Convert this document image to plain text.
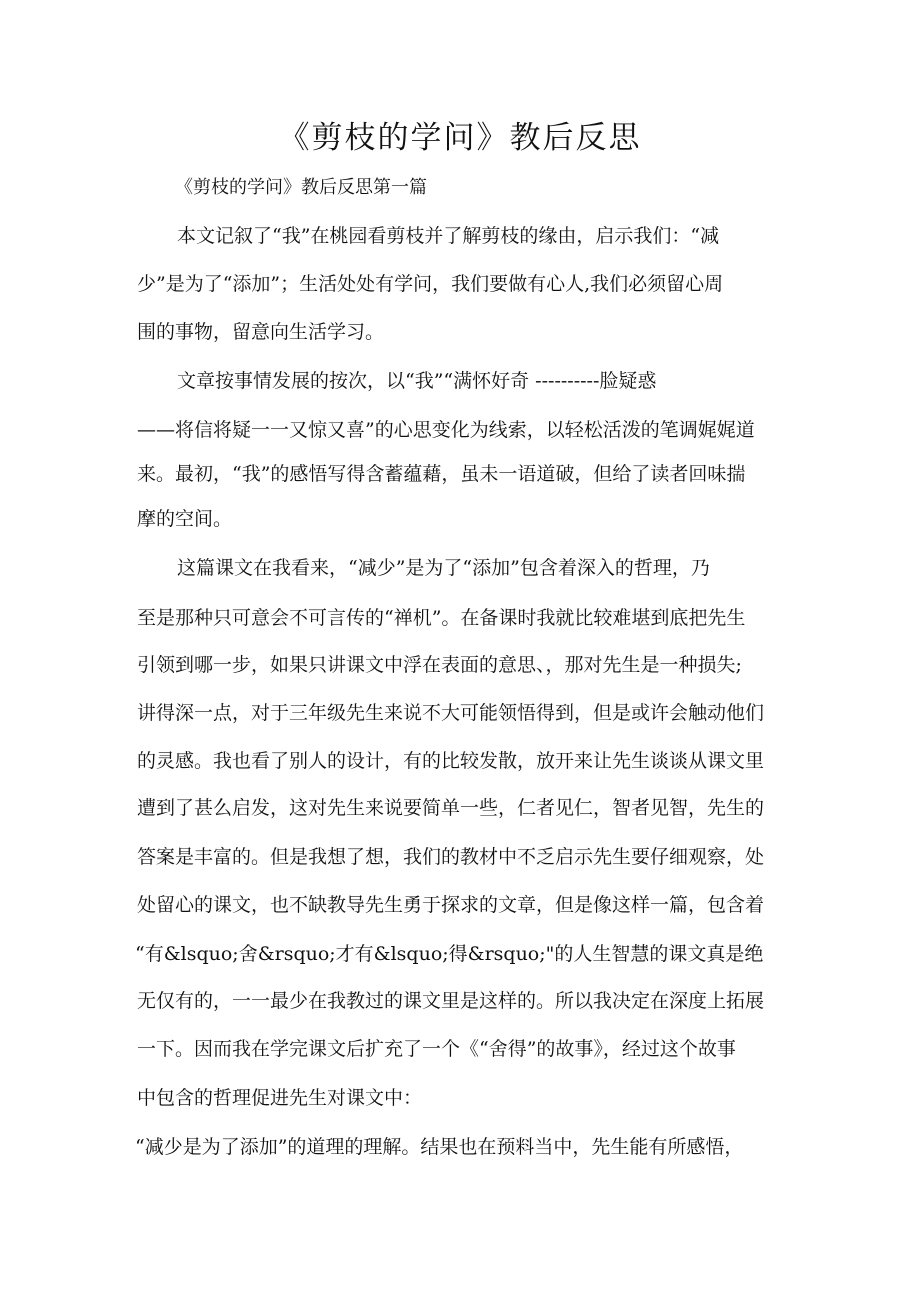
《剪枝的学问》教后反思
《剪枝的学问》教后反思第一篇
本文记叙了“我”在桃园看剪枝并了解剪枝的缘由，启示我们：“减
少”是为了“添加”；生活处处有学问，我们要做有心人,我们必须留心周
围的事物，留意向生活学习。
文章按事情发展的按次，以“我”“满怀好奇 ----------脸疑惑
——将信将疑一一又惊又喜”的心思变化为线索，以轻松活泼的笔调娓娓道
来。最初，“我”的感悟写得含蓄蕴藉，虽未一语道破，但给了读者回味揣
摩的空间。
这篇课文在我看来，“减少”是为了“添加”包含着深入的哲理，乃
至是那种只可意会不可言传的“禅机”。在备课时我就比较难堪到底把先生
引领到哪一步，如果只讲课文中浮在表面的意思、，那对先生是一种损失;
讲得深一点，对于三年级先生来说不大可能领悟得到，但是或许会触动他们
的灵感。我也看了别人的设计，有的比较发散，放开来让先生谈谈从课文里
遭到了甚么启发，这对先生来说要简单一些，仁者见仁，智者见智，先生的
答案是丰富的。但是我想了想，我们的教材中不乏启示先生要仔细观察，处
处留心的课文，也不缺教导先生勇于探求的文章，但是像这样一篇，包含着
“有&lsquo;舍&rsquo;才有&lsquo;得&rsquo;"的人生智慧的课文真是绝
无仅有的，一一最少在我教过的课文里是这样的。所以我决定在深度上拓展
一下。因而我在学完课文后扩充了一个《“舍得”的故事》，经过这个故事
中包含的哲理促进先生对课文中：
“减少是为了添加”的道理的理解。结果也在预料当中，先生能有所感悟，
